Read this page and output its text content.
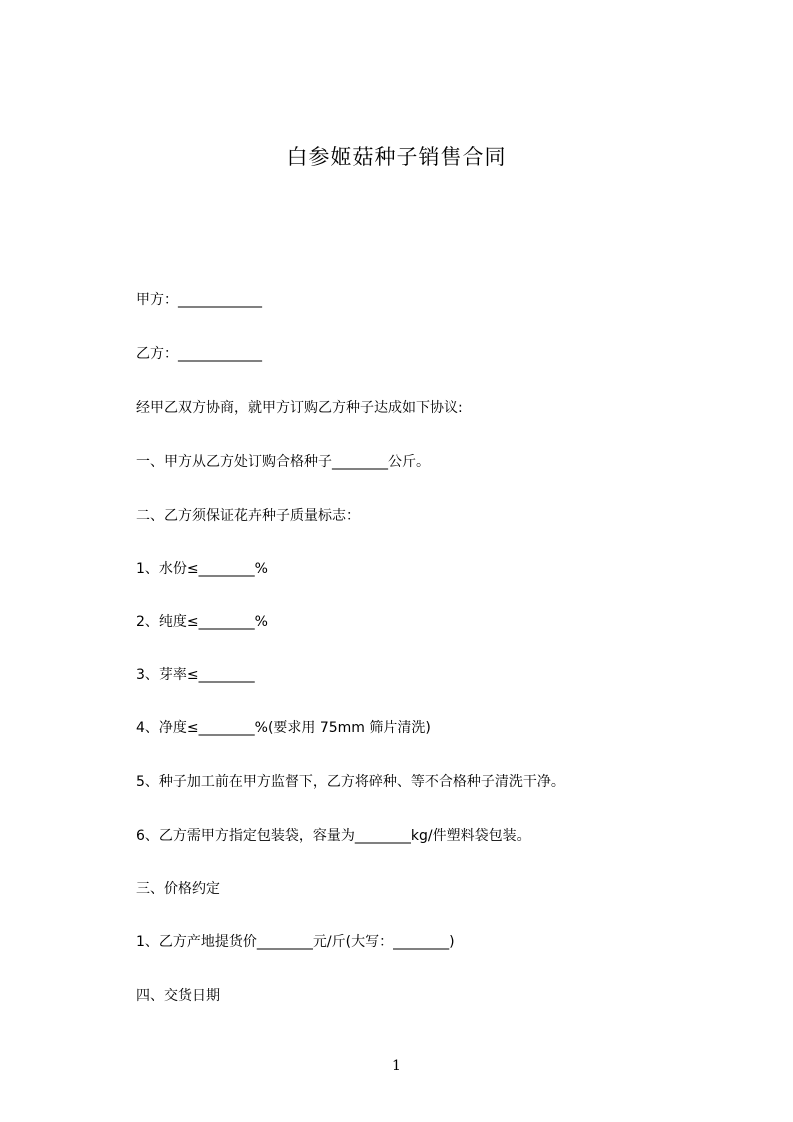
白参姬菇种子销售合同
甲方：____________
乙方：____________
经甲乙双方协商，就甲方订购乙方种子达成如下协议:
一、甲方从乙方处订购合格种子________公斤。
二、乙方须保证花卉种子质量标志：
1、水份≤________%
2、纯度≤________%
3、芽率≤________
4、净度≤________%(要求用 75mm 筛片清洗)
5、种子加工前在甲方监督下，乙方将碎种、等不合格种子清洗干净。
6、乙方需甲方指定包装袋，容量为________kg/件塑料袋包装。
三、价格约定
1、乙方产地提货价________元/斤(大写：________)
四、交货日期
1
